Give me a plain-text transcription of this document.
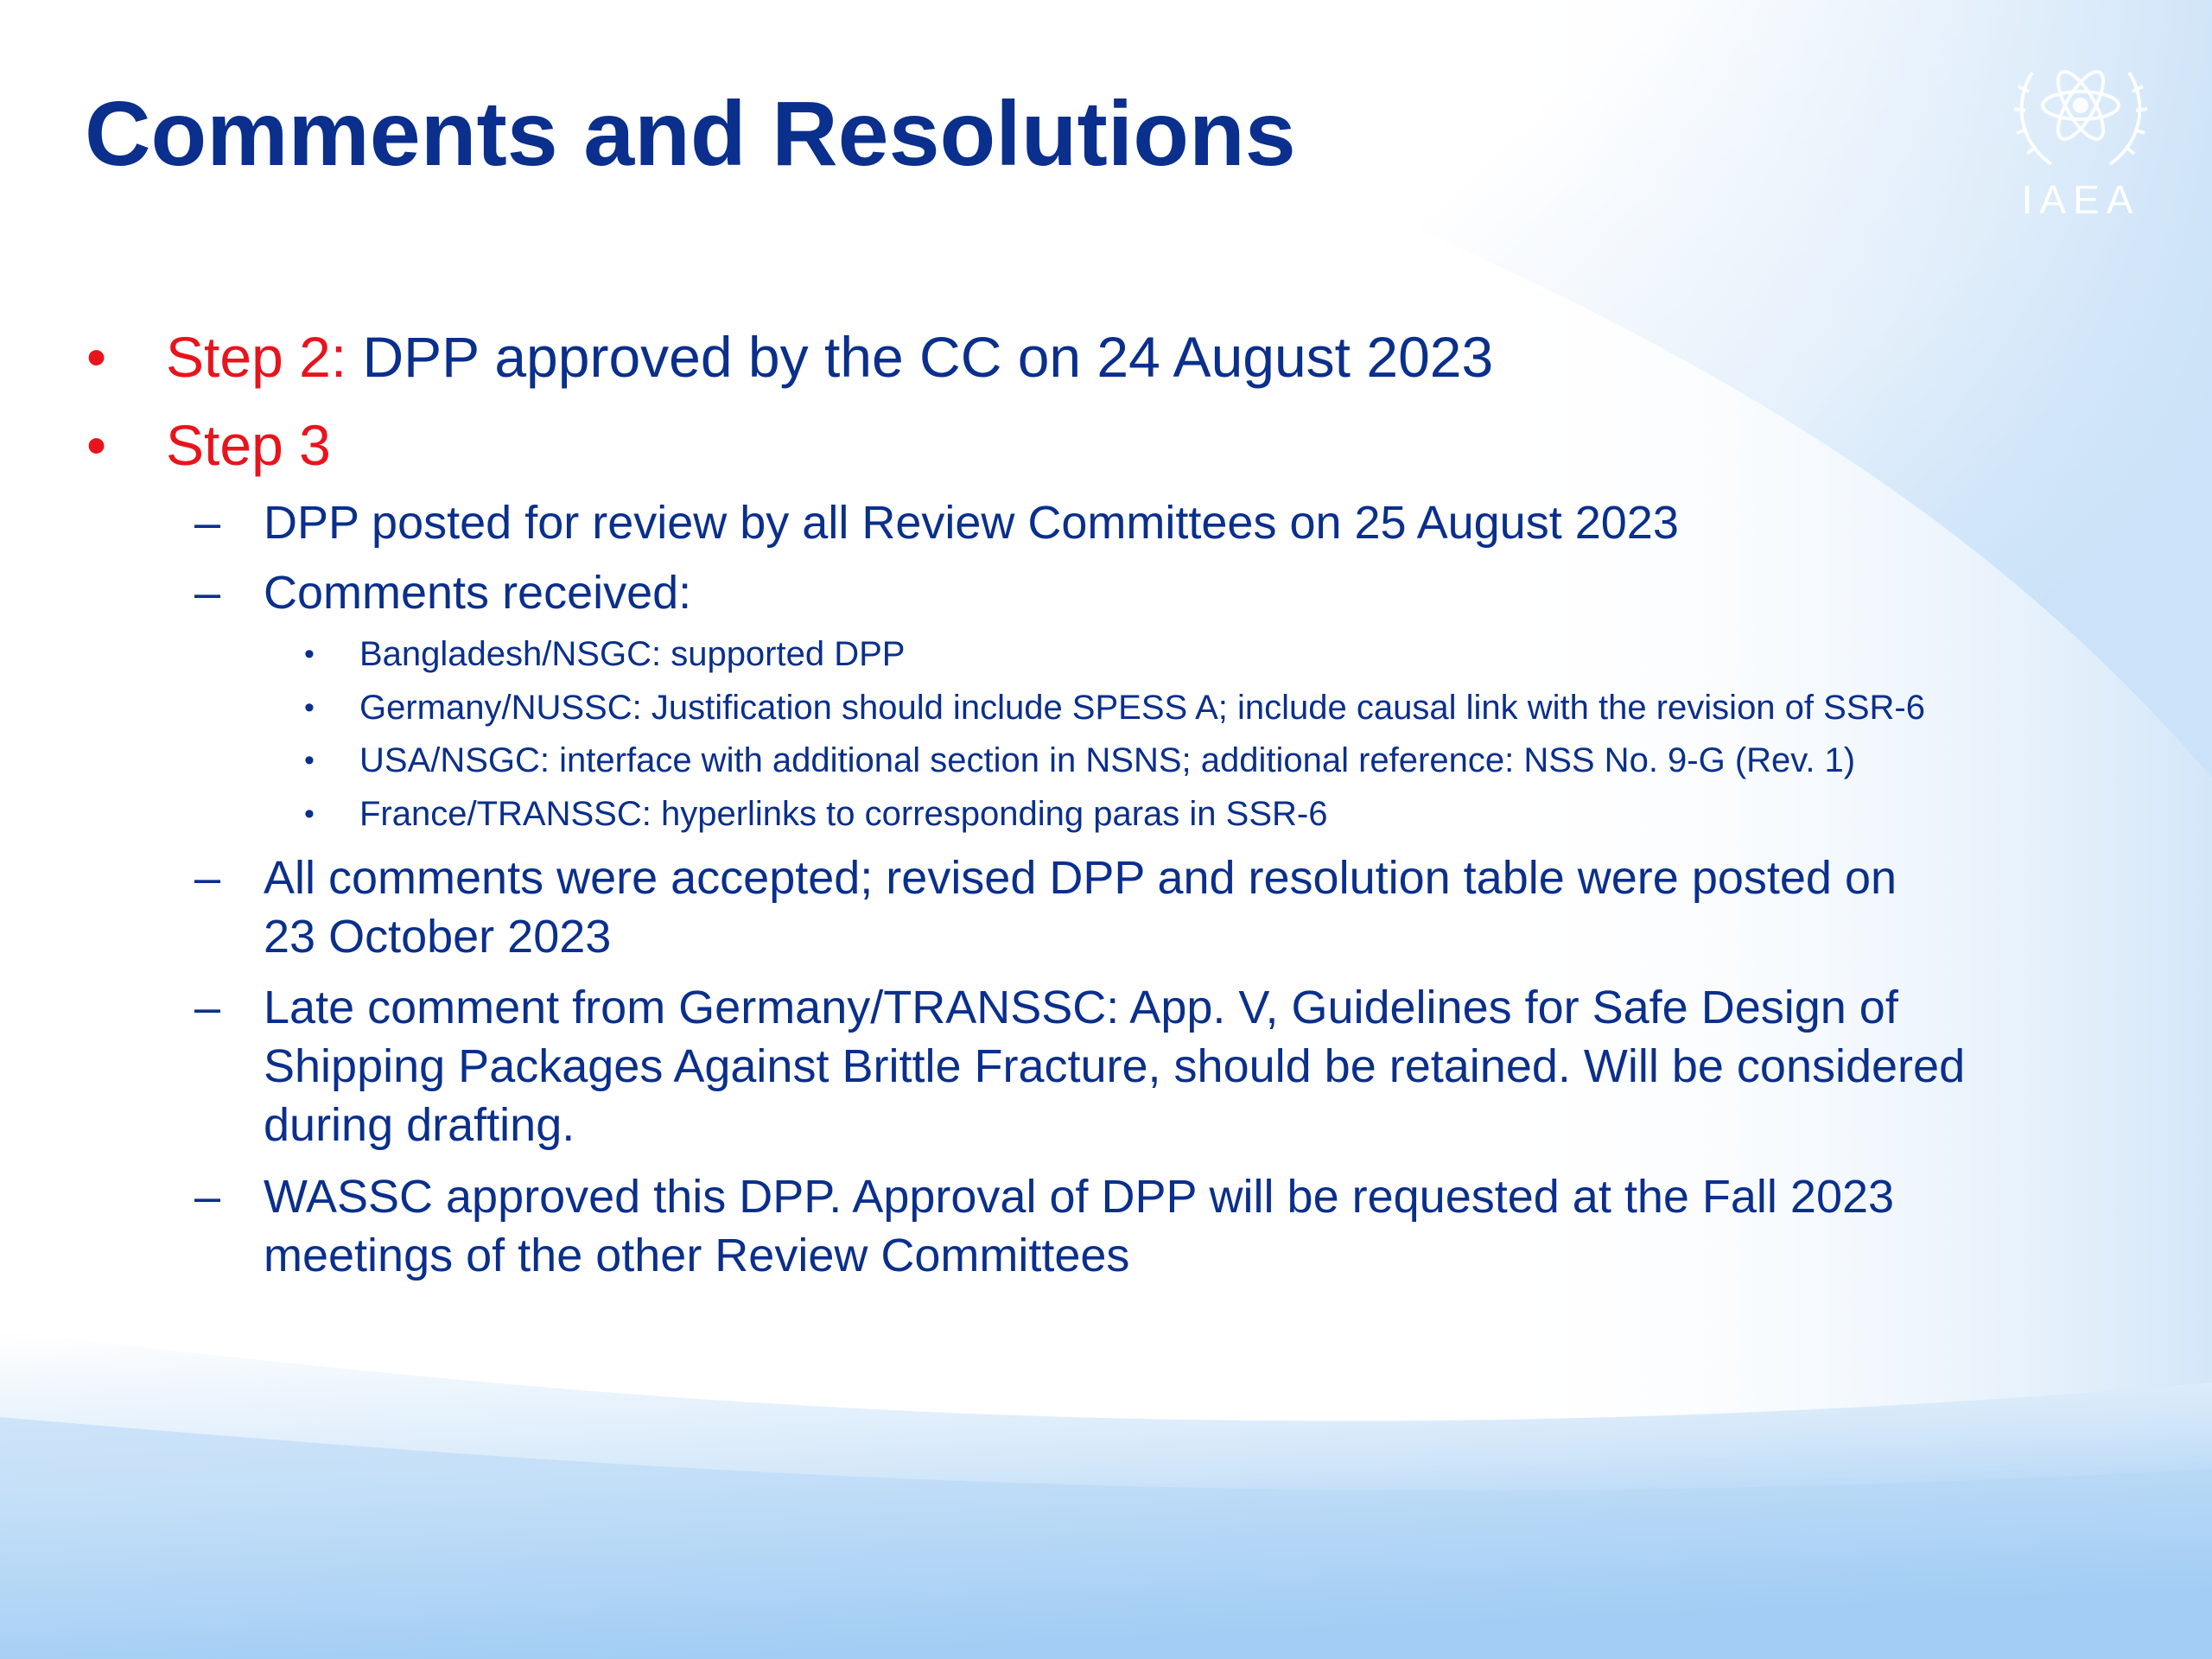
Comments and Resolutions
IAEA
• Step 2: DPP approved by the CC on 24 August 2023
• Step 3
– DPP posted for review by all Review Committees on 25 August 2023
– Comments received:
• Bangladesh/NSGC: supported DPP
• Germany/NUSSC: Justification should include SPESS A; include causal link with the revision of SSR-6
• USA/NSGC: interface with additional section in NSNS; additional reference: NSS No. 9-G (Rev. 1)
• France/TRANSSC: hyperlinks to corresponding paras in SSR-6
– All comments were accepted; revised DPP and resolution table were posted on
23 October 2023
– Late comment from Germany/TRANSSC: App. V, Guidelines for Safe Design of
Shipping Packages Against Brittle Fracture, should be retained. Will be considered
during drafting.
– WASSC approved this DPP. Approval of DPP will be requested at the Fall 2023
meetings of the other Review Committees
